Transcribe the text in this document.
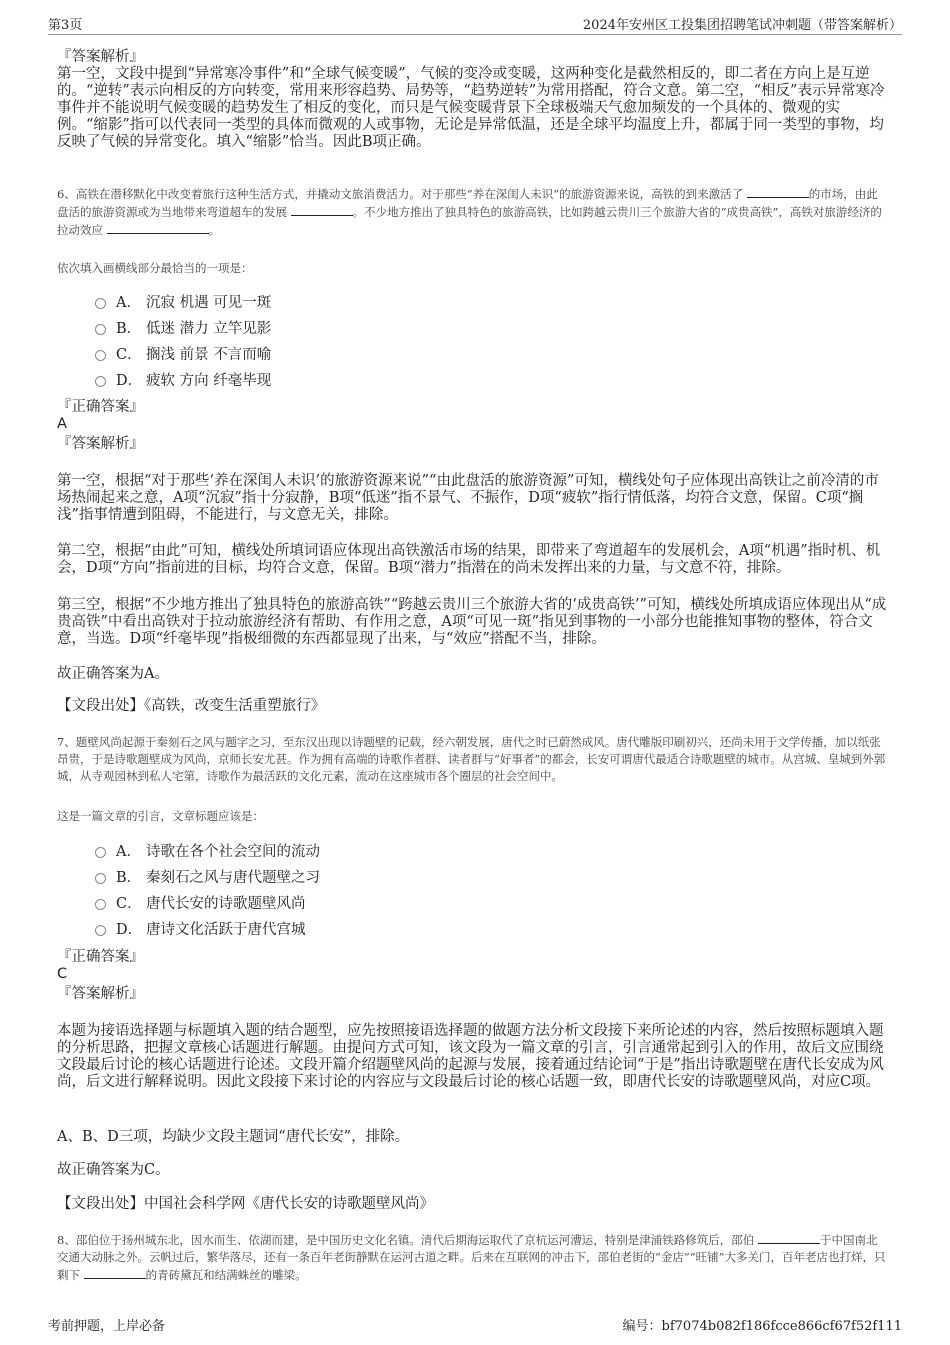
第3页	2024年安州区工投集团招聘笔试冲刺题（带答案解析）

『答案解析』

第一空，文段中提到“异常寒冷事件”和“全球气候变暖”，气候的变冷或变暖，这两种变化是截然相反的，即二者在方向上是互逆的。“逆转”表示向相反的方向转变，常用来形容趋势、局势等，“趋势逆转”为常用搭配，符合文意。第二空，“相反”表示异常寒冷事件并不能说明气候变暖的趋势发生了相反的变化，而只是气候变暖背景下全球极端天气愈加频发的一个具体的、微观的实例。“缩影”指可以代表同一类型的具体而微观的人或事物，无论是异常低温，还是全球平均温度上升，都属于同一类型的事物，均反映了气候的异常变化。填入“缩影”恰当。因此B项正确。

6、高铁在潜移默化中改变着旅行这种生活方式，并撬动文旅消费活力。对于那些“养在深闺人未识”的旅游资源来说，高铁的到来激活了	的市场，由此盘活的旅游资源或为当地带来弯道超车的发展	。不少地方推出了独具特色的旅游高铁，比如跨越云贵川三个旅游大省的“成贵高铁”，高铁对旅游经济的拉动效应	。
依次填入画横线部分最恰当的一项是：
A． 沉寂 机遇 可见一斑
B． 低迷 潜力 立竿见影
C． 搁浅 前景 不言而喻
D． 疲软 方向 纤毫毕现

『正确答案』

A

『答案解析』

第一空，根据“对于那些‘养在深闺人未识’的旅游资源来说”“由此盘活的旅游资源”可知，横线处句子应体现出高铁让之前冷清的市场热闹起来之意，A项“沉寂”指十分寂静，B项“低迷”指不景气、不振作，D项“疲软”指行情低落，均符合文意，保留。C项“搁浅”指事情遭到阻碍，不能进行，与文意无关，排除。
第二空，根据“由此”可知，横线处所填词语应体现出高铁激活市场的结果，即带来了弯道超车的发展机会，A项“机遇”指时机、机会，D项“方向”指前进的目标，均符合文意，保留。B项“潜力”指潜在的尚未发挥出来的力量，与文意不符，排除。
第三空，根据“不少地方推出了独具特色的旅游高铁”“跨越云贵川三个旅游大省的‘成贵高铁’”可知，横线处所填成语应体现出从“成贵高铁”中看出高铁对于拉动旅游经济有帮助、有作用之意，A项“可见一斑”指见到事物的一小部分也能推知事物的整体，符合文意，当选。D项“纤毫毕现”指极细微的东西都显现了出来，与“效应”搭配不当，排除。
故正确答案为A。
【文段出处】《高铁，改变生活重塑旅行》
7、题壁风尚起源于秦刻石之风与题字之习，至东汉出现以诗题壁的记载，经六朝发展，唐代之时已蔚然成风。唐代雕版印刷初兴，还尚未用于文学传播，加以纸张昂贵，于是诗歌题壁成为风尚，京师长安尤甚。作为拥有高端的诗歌作者群、读者群与“好事者”的都会，长安可谓唐代最适合诗歌题壁的城市。从宫城、皇城到外郭城，从寺观园林到私人宅第，诗歌作为最活跃的文化元素，流动在这座城市各个圈层的社会空间中。
这是一篇文章的引言，文章标题应该是：
A． 诗歌在各个社会空间的流动
B． 秦刻石之风与唐代题壁之习
C． 唐代长安的诗歌题壁风尚
D． 唐诗文化活跃于唐代宫城

『正确答案』

C

『答案解析』

本题为接语选择题与标题填入题的结合题型，应先按照接语选择题的做题方法分析文段接下来所论述的内容，然后按照标题填入题的分析思路，把握文章核心话题进行解题。由提问方式可知，该文段为一篇文章的引言，引言通常起到引入的作用，故后文应围绕文段最后讨论的核心话题进行论述。文段开篇介绍题壁风尚的起源与发展，接着通过结论词“于是”指出诗歌题壁在唐代长安成为风尚，后文进行解释说明。因此文段接下来讨论的内容应与文段最后讨论的核心话题一致，即唐代长安的诗歌题壁风尚，对应C项。
A、B、D三项，均缺少文段主题词“唐代长安”，排除。
故正确答案为C。
【文段出处】中国社会科学网《唐代长安的诗歌题壁风尚》
8、邵伯位于扬州城东北，因水而生、依湖而建，是中国历史文化名镇。清代后期海运取代了京杭运河漕运，特别是津浦铁路修筑后，邵伯	于中国南北交通大动脉之外。云帆过后，繁华落尽，还有一条百年老街静默在运河古道之畔。后来在互联网的冲击下，邵伯老街的“金店”“旺铺”大多关门，百年老店也打烊，只剩下	的青砖黛瓦和结满蛛丝的雕梁。
考前押题，上岸必备	编号：bf7074b082f186fcce866cf67f52f111
